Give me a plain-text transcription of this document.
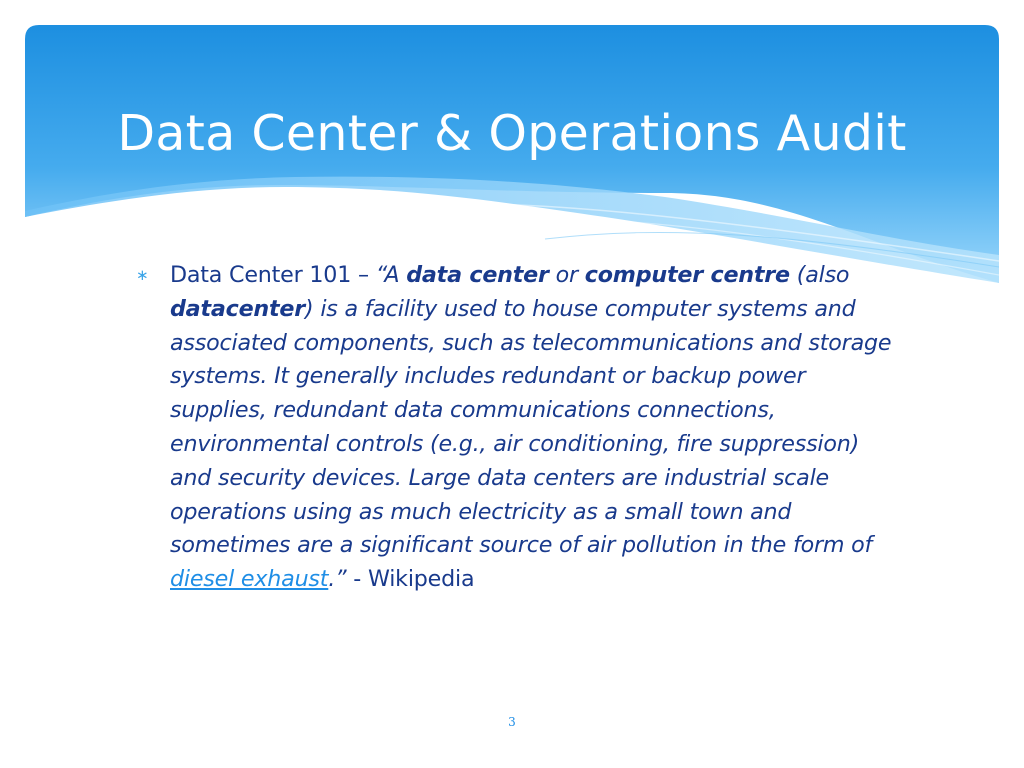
Data Center & Operations Audit
∗ Data Center 101 – “A data center or computer centre (also datacenter) is a facility used to house computer systems and associated components, such as telecommunications and storage systems. It generally includes redundant or backup power supplies, redundant data communications connections, environmental controls (e.g., air conditioning, fire suppression) and security devices. Large data centers are industrial scale operations using as much electricity as a small town and sometimes are a significant source of air pollution in the form of diesel exhaust.” - Wikipedia

3
